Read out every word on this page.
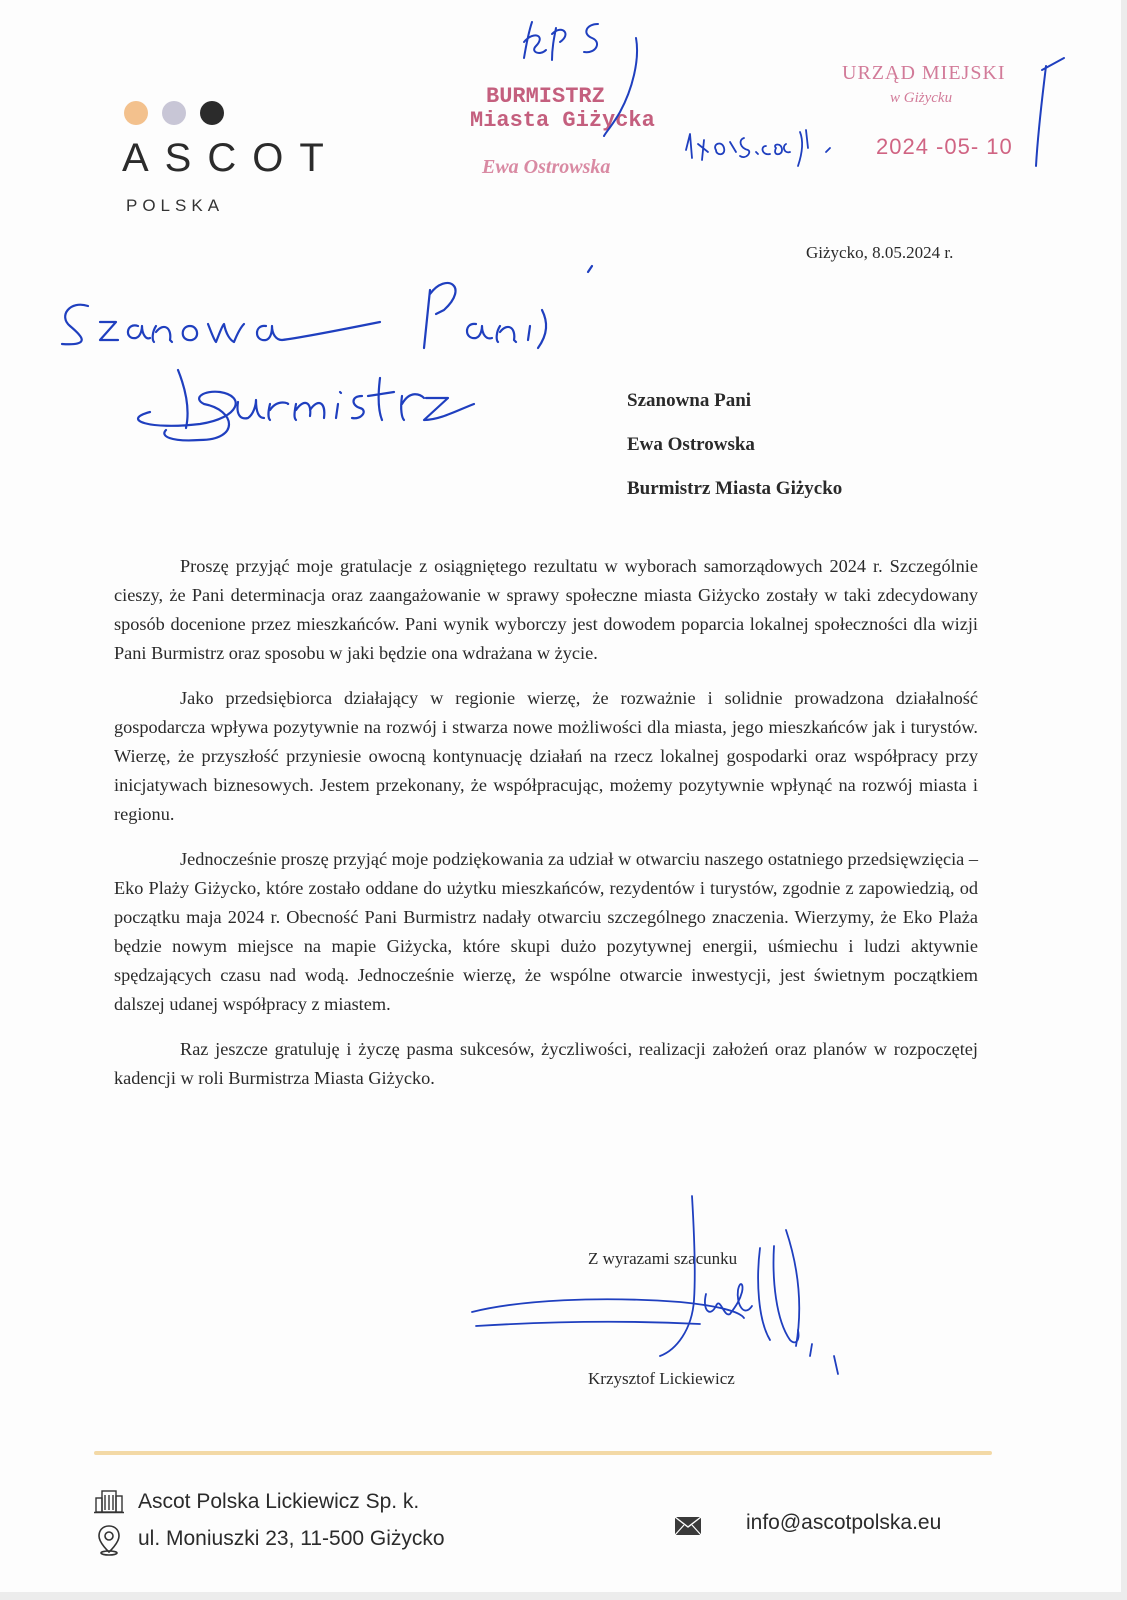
ASCOT
POLSKA
BURMISTRZ
Miasta Giżycka
Ewa Ostrowska
URZĄD MIEJSKI
w Giżycku
2024 -05- 10
Giżycko, 8.05.2024 r.
Szanowna Pani
Ewa Ostrowska
Burmistrz Miasta Giżycko

Proszę przyjąć moje gratulacje z osiągniętego rezultatu w wyborach samorządowych 2024 r. Szczególnie cieszy, że Pani determinacja oraz zaangażowanie w sprawy społeczne miasta Giżycko zostały w taki zdecydowany sposób docenione przez mieszkańców. Pani wynik wyborczy jest dowodem poparcia lokalnej społeczności dla wizji Pani Burmistrz oraz sposobu w jaki będzie ona wdrażana w życie.

Jako przedsiębiorca działający w regionie wierzę, że rozważnie i solidnie prowadzona działalność gospodarcza wpływa pozytywnie na rozwój i stwarza nowe możliwości dla miasta, jego mieszkańców jak i turystów. Wierzę, że przyszłość przyniesie owocną kontynuację działań na rzecz lokalnej gospodarki oraz współpracy przy inicjatywach biznesowych. Jestem przekonany, że współpracując, możemy pozytywnie wpłynąć na rozwój miasta i regionu.

Jednocześnie proszę przyjąć moje podziękowania za udział w otwarciu naszego ostatniego przedsięwzięcia – Eko Plaży Giżycko, które zostało oddane do użytku mieszkańców, rezydentów i turystów, zgodnie z zapowiedzią, od początku maja 2024 r. Obecność Pani Burmistrz nadały otwarciu szczególnego znaczenia. Wierzymy, że Eko Plaża będzie nowym miejsce na mapie Giżycka, które skupi dużo pozytywnej energii, uśmiechu i ludzi aktywnie spędzających czasu nad wodą. Jednocześnie wierzę, że wspólne otwarcie inwestycji, jest świetnym początkiem dalszej udanej współpracy z miastem.

Raz jeszcze gratuluję i życzę pasma sukcesów, życzliwości, realizacji założeń oraz planów w rozpoczętej kadencji w roli Burmistrza Miasta Giżycko.

Z wyrazami szacunku
Krzysztof Lickiewicz
Ascot Polska Lickiewicz Sp. k.
ul. Moniuszki 23, 11-500 Giżycko
info@ascotpolska.eu
